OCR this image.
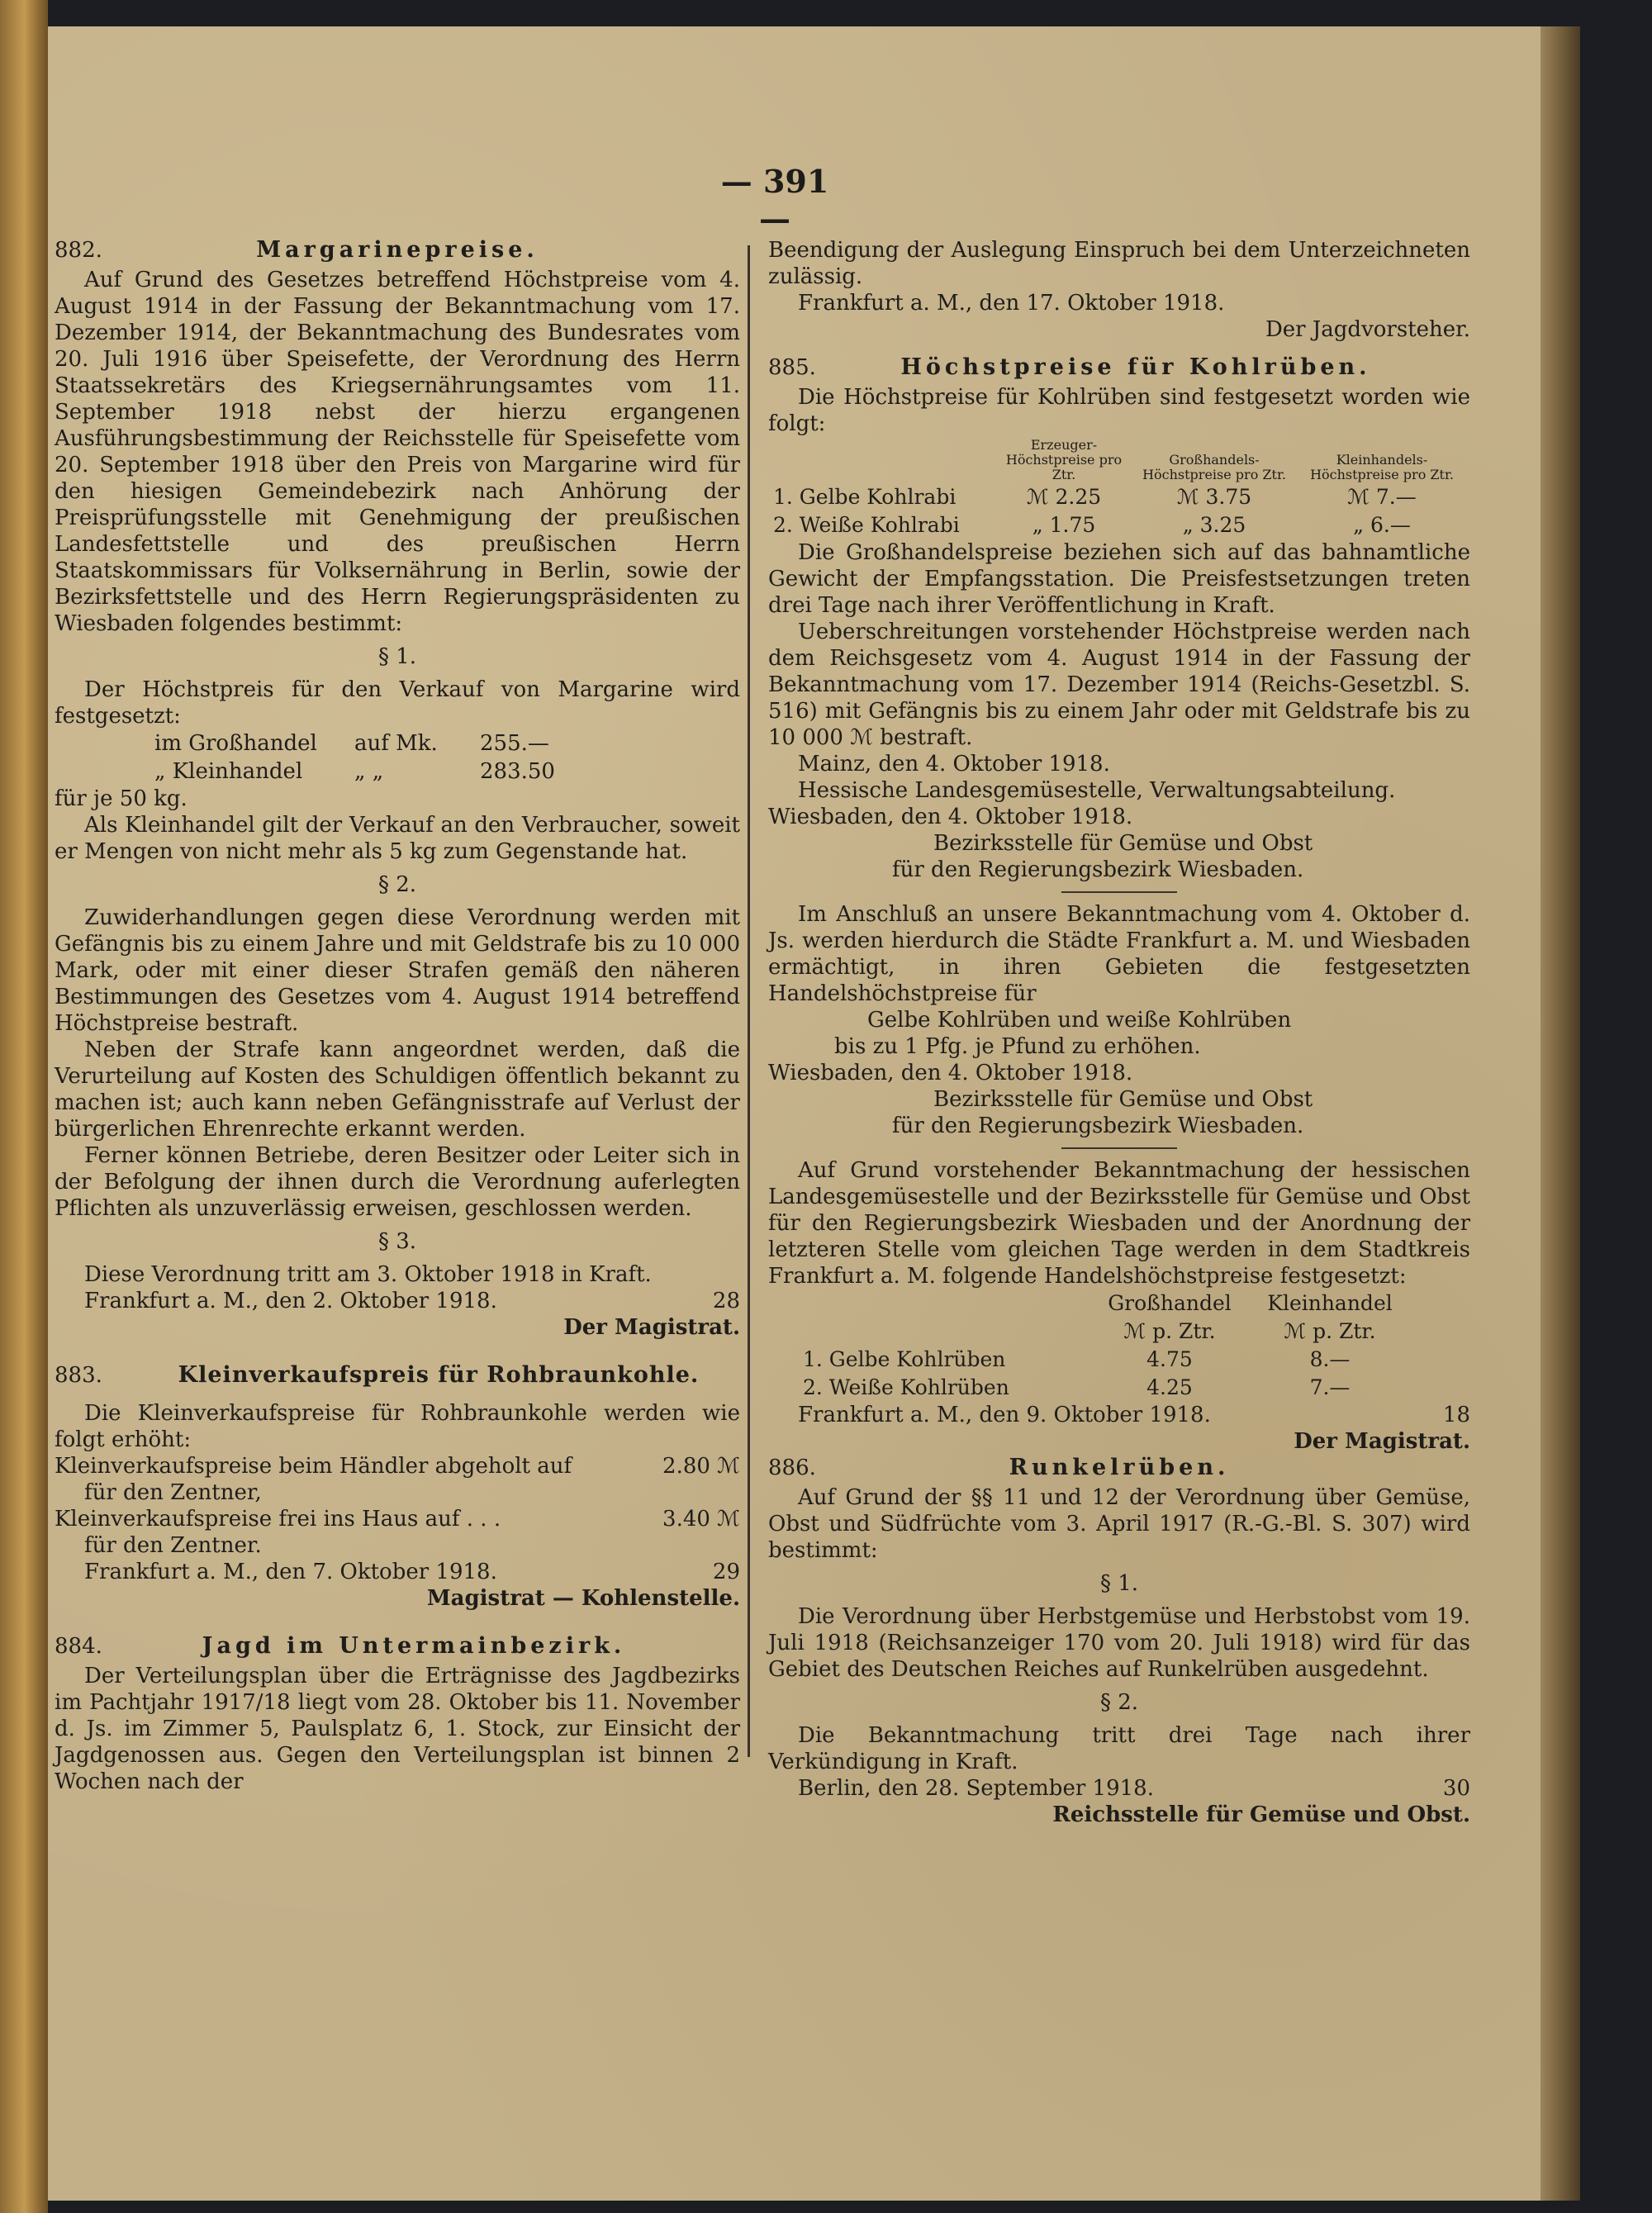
— 391 —
882.	Margarinepreise.

Auf Grund des Gesetzes betreffend Höchstpreise vom 4. August 1914 in der Fassung der Bekanntmachung vom 17. Dezember 1914, der Bekanntmachung des Bundesrates vom 20. Juli 1916 über Speisefette, der Verordnung des Herrn Staatssekretärs des Kriegsernährungsamtes vom 11. September 1918 nebst der hierzu ergangenen Ausführungsbestimmung der Reichsstelle für Speisefette vom 20. September 1918 über den Preis von Margarine wird für den hiesigen Gemeindebezirk nach Anhörung der Preisprüfungsstelle mit Genehmigung der preußischen Landesfettstelle und des preußischen Herrn Staatskommissars für Volksernährung in Berlin, sowie der Bezirksfettstelle und des Herrn Regierungspräsidenten zu Wiesbaden folgendes bestimmt:

§ 1.

Der Höchstpreis für den Verkauf von Margarine wird festgesetzt:

im Großhandel	auf Mk.	255.—
„ Kleinhandel	„ „	283.50

für je 50 kg.

Als Kleinhandel gilt der Verkauf an den Verbraucher, soweit er Mengen von nicht mehr als 5 kg zum Gegenstande hat.

§ 2.

Zuwiderhandlungen gegen diese Verordnung werden mit Gefängnis bis zu einem Jahre und mit Geldstrafe bis zu 10 000 Mark, oder mit einer dieser Strafen gemäß den näheren Bestimmungen des Gesetzes vom 4. August 1914 betreffend Höchstpreise bestraft.

Neben der Strafe kann angeordnet werden, daß die Verurteilung auf Kosten des Schuldigen öffentlich bekannt zu machen ist; auch kann neben Gefängnisstrafe auf Verlust der bürgerlichen Ehrenrechte erkannt werden.

Ferner können Betriebe, deren Besitzer oder Leiter sich in der Befolgung der ihnen durch die Verordnung auferlegten Pflichten als unzuverlässig erweisen, geschlossen werden.

§ 3.

Diese Verordnung tritt am 3. Oktober 1918 in Kraft.

Frankfurt a. M., den 2. Oktober 1918.	28

Der Magistrat.

883.	Kleinverkaufspreis für Rohbraunkohle.

Die Kleinverkaufspreise für Rohbraunkohle werden wie folgt erhöht:

Kleinverkaufspreise beim Händler abgeholt auf	2.80 ℳ

für den Zentner,

Kleinverkaufspreise frei ins Haus auf . . .	3.40 ℳ

für den Zentner.

Frankfurt a. M., den 7. Oktober 1918.	29

Magistrat — Kohlenstelle.

884.	Jagd im Untermainbezirk.

Der Verteilungsplan über die Erträgnisse des Jagdbezirks im Pachtjahr 1917/18 liegt vom 28. Oktober bis 11. November d. Js. im Zimmer 5, Paulsplatz 6, 1. Stock, zur Einsicht der Jagdgenossen aus. Gegen den Verteilungsplan ist binnen 2 Wochen nach der

Beendigung der Auslegung Einspruch bei dem Unterzeichneten zulässig.

Frankfurt a. M., den 17. Oktober 1918.

Der Jagdvorsteher.

885.	Höchstpreise für Kohlrüben.

Die Höchstpreise für Kohlrüben sind festgesetzt worden wie folgt:

	Erzeuger-Höchstpreise pro Ztr.	Großhandels-Höchstpreise pro Ztr.	Kleinhandels-Höchstpreise pro Ztr.
1. Gelbe Kohlrabi	ℳ 2.25	ℳ 3.75	ℳ 7.—
2. Weiße Kohlrabi	„ 1.75	„ 3.25	„ 6.—

Die Großhandelspreise beziehen sich auf das bahnamtliche Gewicht der Empfangsstation. Die Preisfestsetzungen treten drei Tage nach ihrer Veröffentlichung in Kraft.

Ueberschreitungen vorstehender Höchstpreise werden nach dem Reichsgesetz vom 4. August 1914 in der Fassung der Bekanntmachung vom 17. Dezember 1914 (Reichs-Gesetzbl. S. 516) mit Gefängnis bis zu einem Jahr oder mit Geldstrafe bis zu 10 000 ℳ bestraft.

Mainz, den 4. Oktober 1918.

Hessische Landesgemüsestelle, Verwaltungsabteilung.

Wiesbaden, den 4. Oktober 1918.

Bezirksstelle für Gemüse und Obst

für den Regierungsbezirk Wiesbaden.

Im Anschluß an unsere Bekanntmachung vom 4. Oktober d. Js. werden hierdurch die Städte Frankfurt a. M. und Wiesbaden ermächtigt, in ihren Gebieten die festgesetzten Handelshöchstpreise für

Gelbe Kohlrüben und weiße Kohlrüben

bis zu 1 Pfg. je Pfund zu erhöhen.

Wiesbaden, den 4. Oktober 1918.

Bezirksstelle für Gemüse und Obst

für den Regierungsbezirk Wiesbaden.

Auf Grund vorstehender Bekanntmachung der hessischen Landesgemüsestelle und der Bezirksstelle für Gemüse und Obst für den Regierungsbezirk Wiesbaden und der Anordnung der letzteren Stelle vom gleichen Tage werden in dem Stadtkreis Frankfurt a. M. folgende Handelshöchstpreise festgesetzt:

	Großhandel	Kleinhandel
	ℳ p. Ztr.	ℳ p. Ztr.
1. Gelbe Kohlrüben	4.75	8.—
2. Weiße Kohlrüben	4.25	7.—
Frankfurt a. M., den 9. Oktober 1918.	18

Der Magistrat.

886.	Runkelrüben.

Auf Grund der §§ 11 und 12 der Verordnung über Gemüse, Obst und Südfrüchte vom 3. April 1917 (R.-G.-Bl. S. 307) wird bestimmt:

§ 1.

Die Verordnung über Herbstgemüse und Herbstobst vom 19. Juli 1918 (Reichsanzeiger 170 vom 20. Juli 1918) wird für das Gebiet des Deutschen Reiches auf Runkelrüben ausgedehnt.

§ 2.

Die Bekanntmachung tritt drei Tage nach ihrer Verkündigung in Kraft.

Berlin, den 28. September 1918.	30

Reichsstelle für Gemüse und Obst.
